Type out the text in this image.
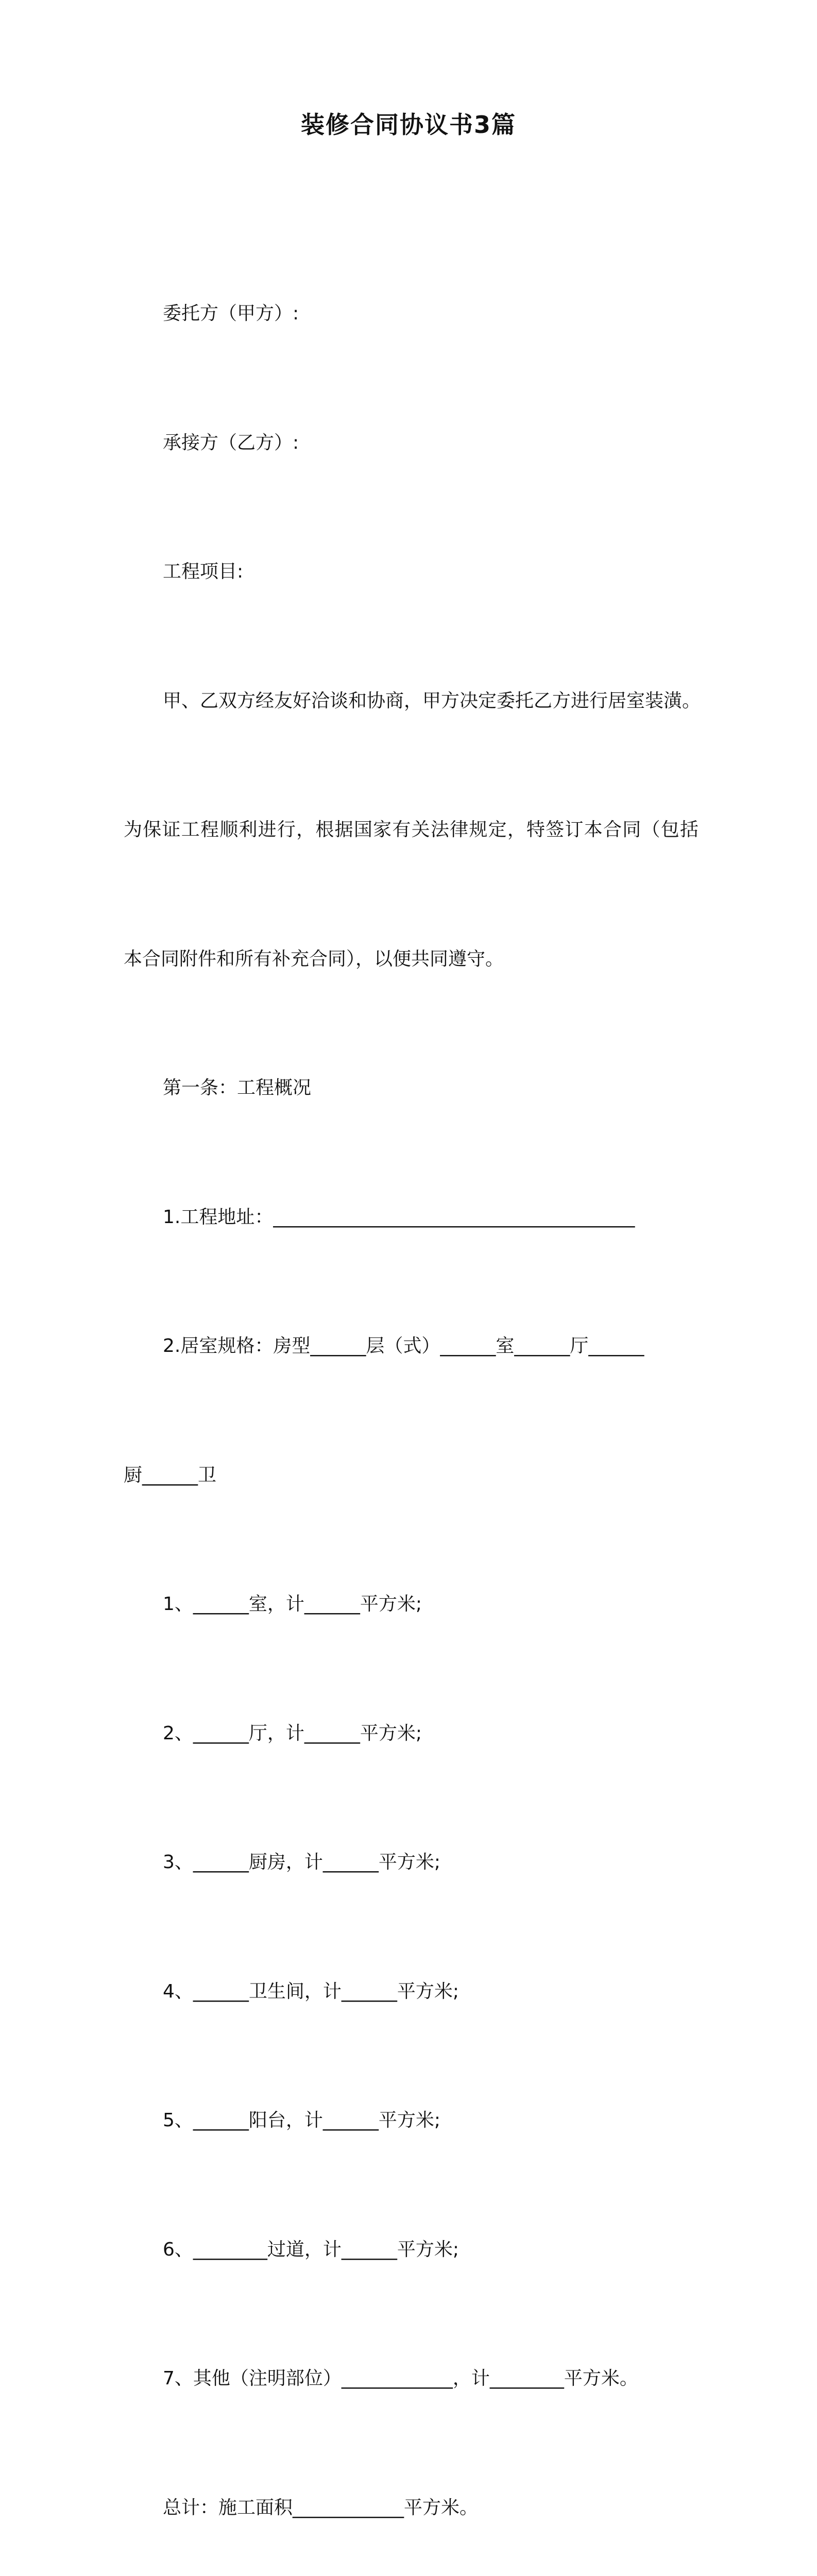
装修合同协议书3篇

委托方（甲方）:

承接方（乙方）:

工程项目:

甲、乙双方经友好洽谈和协商，甲方决定委托乙方进行居室装潢。

为保证工程顺利进行，根据国家有关法律规定，特签订本合同（包括

本合同附件和所有补充合同），以便共同遵守。

第一条：工程概况

1.工程地址：_______________________________________

2.居室规格：房型______层（式）______室______厅______

厨______卫

1、______室，计______平方米;

2、______厅，计______平方米;

3、______厨房，计______平方米;

4、______卫生间，计______平方米;

5、______阳台，计______平方米;

6、________过道，计______平方米;

7、其他（注明部位）____________，计________平方米。

总计：施工面积____________平方米。
